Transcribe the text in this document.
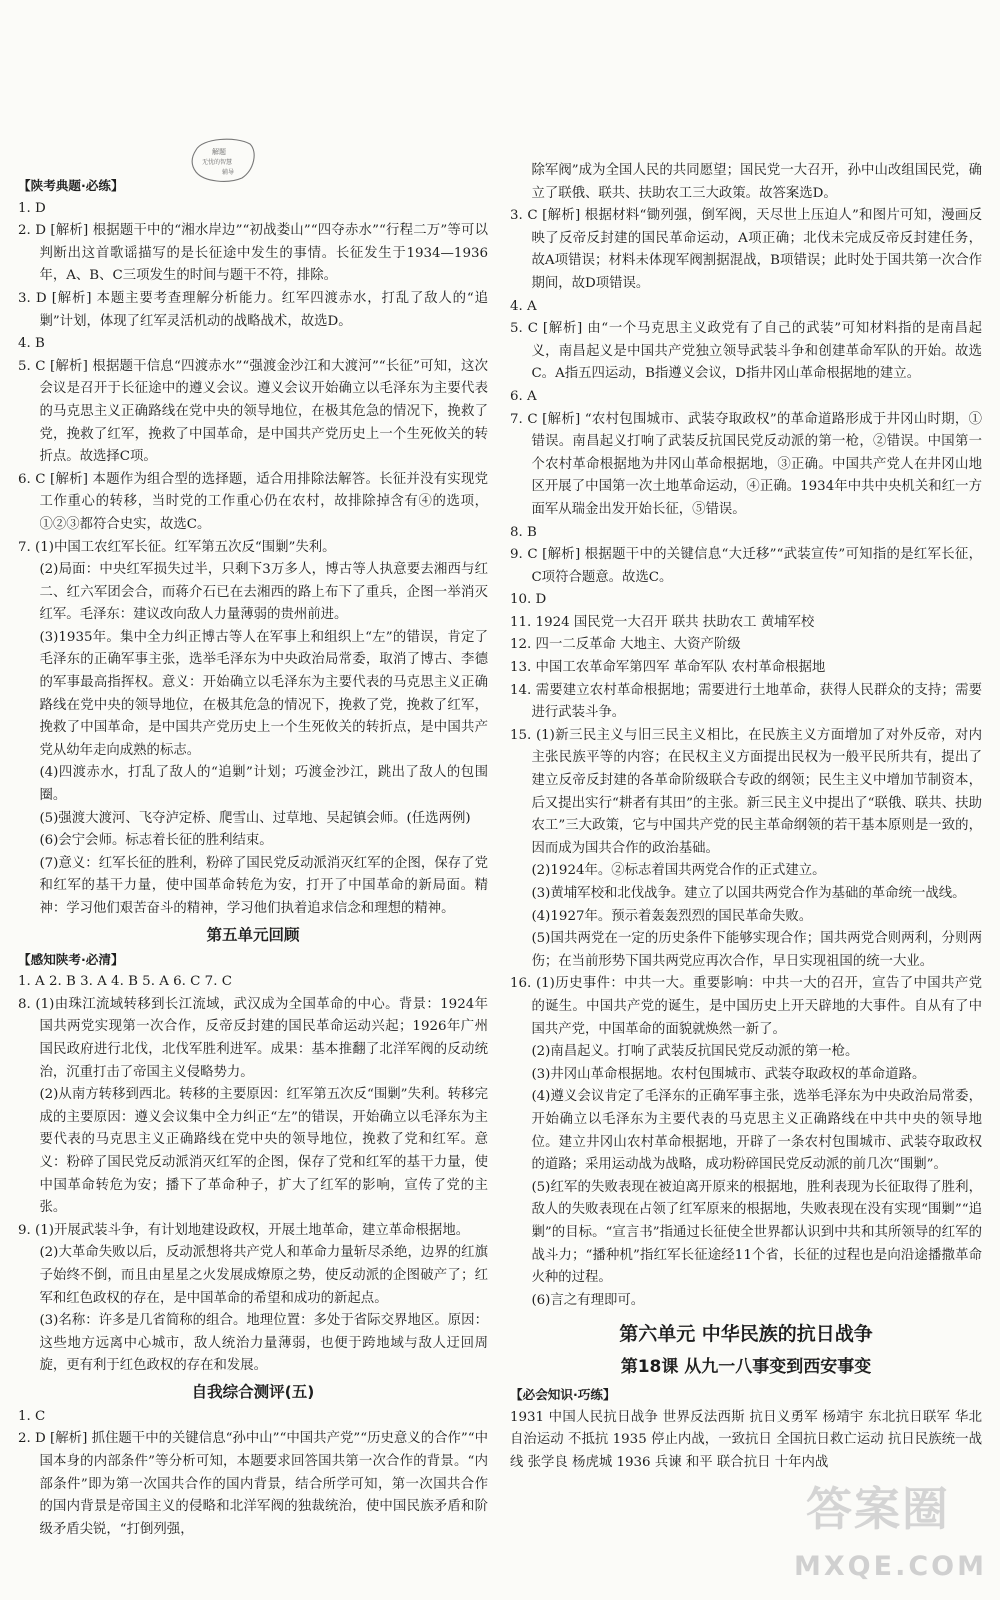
解题
无忧的智慧
辅导
【陕考典题·必练】

1. D

2. D [解析] 根据题干中的“湘水岸边”“初战娄山”“四夺赤水”“行程二万”等可以判断出这首歌谣描写的是长征途中发生的事情。长征发生于1934—1936年，A、B、C三项发生的时间与题干不符，排除。

3. D [解析] 本题主要考查理解分析能力。红军四渡赤水，打乱了敌人的“追剿”计划，体现了红军灵活机动的战略战术，故选D。

4. B

5. C [解析] 根据题干信息“四渡赤水”“强渡金沙江和大渡河”“长征”可知，这次会议是召开于长征途中的遵义会议。遵义会议开始确立以毛泽东为主要代表的马克思主义正确路线在党中央的领导地位，在极其危急的情况下，挽救了党，挽救了红军，挽救了中国革命，是中国共产党历史上一个生死攸关的转折点。故选择C项。

6. C [解析] 本题作为组合型的选择题，适合用排除法解答。长征并没有实现党工作重心的转移，当时党的工作重心仍在农村，故排除掉含有④的选项，①②③都符合史实，故选C。

7. (1)中国工农红军长征。红军第五次反“围剿”失利。

(2)局面：中央红军损失过半，只剩下3万多人，博古等人执意要去湘西与红二、红六军团会合，而蒋介石已在去湘西的路上布下了重兵，企图一举消灭红军。毛泽东：建议改向敌人力量薄弱的贵州前进。

(3)1935年。集中全力纠正博古等人在军事上和组织上“左”的错误，肯定了毛泽东的正确军事主张，选举毛泽东为中央政治局常委，取消了博古、李德的军事最高指挥权。意义：开始确立以毛泽东为主要代表的马克思主义正确路线在党中央的领导地位，在极其危急的情况下，挽救了党，挽救了红军，挽救了中国革命，是中国共产党历史上一个生死攸关的转折点，是中国共产党从幼年走向成熟的标志。

(4)四渡赤水，打乱了敌人的“追剿”计划；巧渡金沙江，跳出了敌人的包围圈。

(5)强渡大渡河、飞夺泸定桥、爬雪山、过草地、吴起镇会师。(任选两例)

(6)会宁会师。标志着长征的胜利结束。

(7)意义：红军长征的胜利，粉碎了国民党反动派消灭红军的企图，保存了党和红军的基干力量，使中国革命转危为安，打开了中国革命的新局面。精神：学习他们艰苦奋斗的精神，学习他们执着追求信念和理想的精神。

第五单元回顾
【感知陕考·必清】

1. A 2. B 3. A 4. B 5. A 6. C 7. C

8. (1)由珠江流域转移到长江流域，武汉成为全国革命的中心。背景：1924年国共两党实现第一次合作，反帝反封建的国民革命运动兴起；1926年广州国民政府进行北伐，北伐军胜利进军。成果：基本推翻了北洋军阀的反动统治，沉重打击了帝国主义侵略势力。

(2)从南方转移到西北。转移的主要原因：红军第五次反“围剿”失利。转移完成的主要原因：遵义会议集中全力纠正“左”的错误，开始确立以毛泽东为主要代表的马克思主义正确路线在党中央的领导地位，挽救了党和红军。意义：粉碎了国民党反动派消灭红军的企图，保存了党和红军的基干力量，使中国革命转危为安；播下了革命种子，扩大了红军的影响，宣传了党的主张。

9. (1)开展武装斗争，有计划地建设政权，开展土地革命，建立革命根据地。

(2)大革命失败以后，反动派想将共产党人和革命力量斩尽杀绝，边界的红旗子始终不倒，而且由星星之火发展成燎原之势，使反动派的企图破产了；红军和红色政权的存在，是中国革命的希望和成功的新起点。

(3)名称：许多是几省简称的组合。地理位置：多处于省际交界地区。原因：这些地方远离中心城市，敌人统治力量薄弱，也便于跨地域与敌人迂回周旋，更有利于红色政权的存在和发展。

自我综合测评(五)

1. C

2. D [解析] 抓住题干中的关键信息“孙中山”“中国共产党”“历史意义的合作”“中国本身的内部条件”等分析可知，本题要求回答国共第一次合作的背景。“内部条件”即为第一次国共合作的国内背景，结合所学可知，第一次国共合作的国内背景是帝国主义的侵略和北洋军阀的独裁统治，使中国民族矛盾和阶级矛盾尖锐，“打倒列强，

除军阀”成为全国人民的共同愿望；国民党一大召开，孙中山改组国民党，确立了联俄、联共、扶助农工三大政策。故答案选D。

3. C [解析] 根据材料“锄列强，倒军阀，天尽世上压迫人”和图片可知，漫画反映了反帝反封建的国民革命运动，A项正确；北伐未完成反帝反封建任务，故A项错误；材料未体现军阀割据混战，B项错误；此时处于国共第一次合作期间，故D项错误。

4. A

5. C [解析] 由“一个马克思主义政党有了自己的武装”可知材料指的是南昌起义，南昌起义是中国共产党独立领导武装斗争和创建革命军队的开始。故选C。A指五四运动，B指遵义会议，D指井冈山革命根据地的建立。

6. A

7. C [解析] “农村包围城市、武装夺取政权”的革命道路形成于井冈山时期，①错误。南昌起义打响了武装反抗国民党反动派的第一枪，②错误。中国第一个农村革命根据地为井冈山革命根据地，③正确。中国共产党人在井冈山地区开展了中国第一次土地革命运动，④正确。1934年中共中央机关和红一方面军从瑞金出发开始长征，⑤错误。

8. B

9. C [解析] 根据题干中的关键信息“大迁移”“武装宣传”可知指的是红军长征，C项符合题意。故选C。

10. D

11. 1924 国民党一大召开 联共 扶助农工 黄埔军校

12. 四一二反革命 大地主、大资产阶级

13. 中国工农革命军第四军 革命军队 农村革命根据地

14. 需要建立农村革命根据地；需要进行土地革命，获得人民群众的支持；需要进行武装斗争。

15. (1)新三民主义与旧三民主义相比，在民族主义方面增加了对外反帝，对内主张民族平等的内容；在民权主义方面提出民权为一般平民所共有，提出了建立反帝反封建的各革命阶级联合专政的纲领；民生主义中增加节制资本，后又提出实行“耕者有其田”的主张。新三民主义中提出了“联俄、联共、扶助农工”三大政策，它与中国共产党的民主革命纲领的若干基本原则是一致的，因而成为国共合作的政治基础。

(2)1924年。②标志着国共两党合作的正式建立。

(3)黄埔军校和北伐战争。建立了以国共两党合作为基础的革命统一战线。

(4)1927年。预示着轰轰烈烈的国民革命失败。

(5)国共两党在一定的历史条件下能够实现合作；国共两党合则两利，分则两伤；在当前形势下国共两党应再次合作，早日实现祖国的统一大业。

16. (1)历史事件：中共一大。重要影响：中共一大的召开，宣告了中国共产党的诞生。中国共产党的诞生，是中国历史上开天辟地的大事件。自从有了中国共产党，中国革命的面貌就焕然一新了。

(2)南昌起义。打响了武装反抗国民党反动派的第一枪。

(3)井冈山革命根据地。农村包围城市、武装夺取政权的革命道路。

(4)遵义会议肯定了毛泽东的正确军事主张，选举毛泽东为中央政治局常委，开始确立以毛泽东为主要代表的马克思主义正确路线在中共中央的领导地位。建立井冈山农村革命根据地，开辟了一条农村包围城市、武装夺取政权的道路；采用运动战为战略，成功粉碎国民党反动派的前几次“围剿”。

(5)红军的失败表现在被迫离开原来的根据地，胜利表现为长征取得了胜利，敌人的失败表现在占领了红军原来的根据地，失败表现在没有实现“围剿”“追剿”的目标。“宣言书”指通过长征使全世界都认识到中共和其所领导的红军的战斗力；“播种机”指红军长征途经11个省，长征的过程也是向沿途播撒革命火种的过程。

(6)言之有理即可。

第六单元 中华民族的抗日战争
第18课 从九一八事变到西安事变
【必会知识·巧练】

1931 中国人民抗日战争 世界反法西斯 抗日义勇军 杨靖宇 东北抗日联军 华北自治运动 不抵抗 1935 停止内战，一致抗日 全国抗日救亡运动 抗日民族统一战线 张学良 杨虎城 1936 兵谏 和平 联合抗日 十年内战

答案圈
MXQE.COM
